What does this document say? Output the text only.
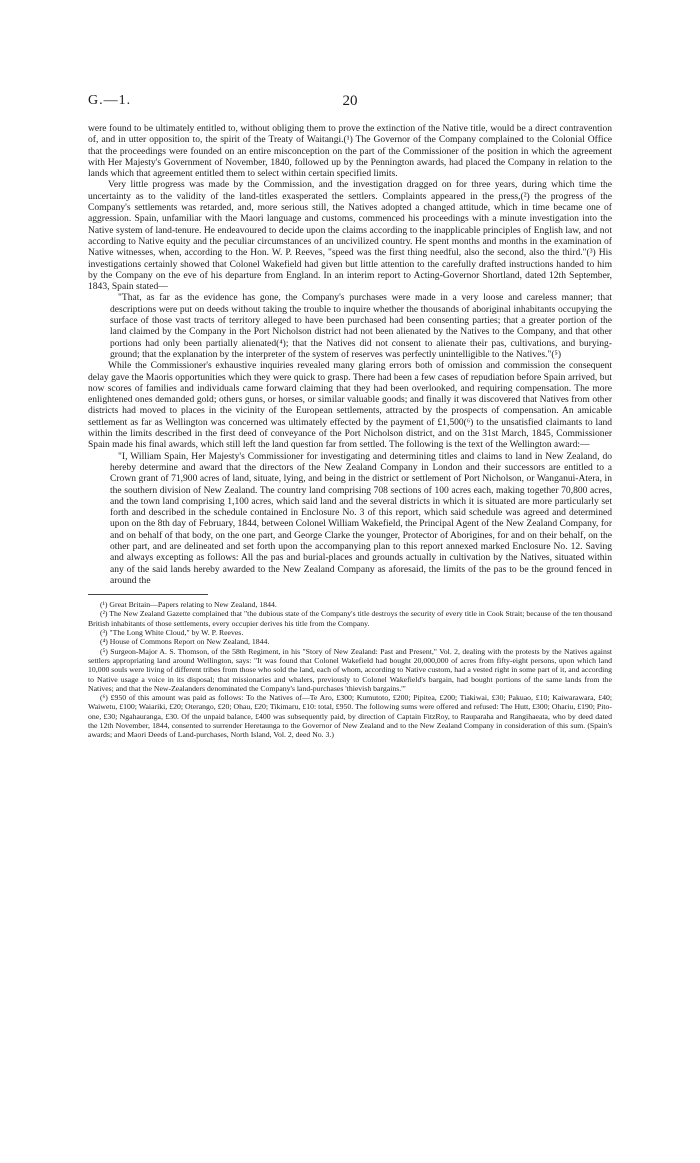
G.—1.	20

were found to be ultimately entitled to, without obliging them to prove the extinction of the Native title, would be a direct contravention of, and in utter opposition to, the spirit of the Treaty of Waitangi.(¹) The Governor of the Company complained to the Colonial Office that the proceedings were founded on an entire misconception on the part of the Commissioner of the position in which the agreement with Her Majesty's Government of November, 1840, followed up by the Pennington awards, had placed the Company in relation to the lands which that agreement entitled them to select within certain specified limits.

Very little progress was made by the Commission, and the investigation dragged on for three years, during which time the uncertainty as to the validity of the land-titles exasperated the settlers. Complaints appeared in the press,(²) the progress of the Company's settlements was retarded, and, more serious still, the Natives adopted a changed attitude, which in time became one of aggression. Spain, unfamiliar with the Maori language and customs, commenced his proceedings with a minute investigation into the Native system of land-tenure. He endeavoured to decide upon the claims according to the inapplicable principles of English law, and not according to Native equity and the peculiar circumstances of an uncivilized country. He spent months and months in the examination of Native witnesses, when, according to the Hon. W. P. Reeves, "speed was the first thing needful, also the second, also the third."(³) His investigations certainly showed that Colonel Wakefield had given but little attention to the carefully drafted instructions handed to him by the Company on the eve of his departure from England. In an interim report to Acting-Governor Shortland, dated 12th September, 1843, Spain stated—

"That, as far as the evidence has gone, the Company's purchases were made in a very loose and careless manner; that descriptions were put on deeds without taking the trouble to inquire whether the thousands of aboriginal inhabitants occupying the surface of those vast tracts of territory alleged to have been purchased had been consenting parties; that a greater portion of the land claimed by the Company in the Port Nicholson district had not been alienated by the Natives to the Company, and that other portions had only been partially alienated(⁴); that the Natives did not consent to alienate their pas, cultivations, and burying-ground; that the explanation by the interpreter of the system of reserves was perfectly unintelligible to the Natives."(⁵)

While the Commissioner's exhaustive inquiries revealed many glaring errors both of omission and commission the consequent delay gave the Maoris opportunities which they were quick to grasp. There had been a few cases of repudiation before Spain arrived, but now scores of families and individuals came forward claiming that they had been overlooked, and requiring compensation. The more enlightened ones demanded gold; others guns, or horses, or similar valuable goods; and finally it was discovered that Natives from other districts had moved to places in the vicinity of the European settlements, attracted by the prospects of compensation. An amicable settlement as far as Wellington was concerned was ultimately effected by the payment of £1,500(⁶) to the unsatisfied claimants to land within the limits described in the first deed of conveyance of the Port Nicholson district, and on the 31st March, 1845, Commissioner Spain made his final awards, which still left the land question far from settled. The following is the text of the Wellington award:—

"I, William Spain, Her Majesty's Commissioner for investigating and determining titles and claims to land in New Zealand, do hereby determine and award that the directors of the New Zealand Company in London and their successors are entitled to a Crown grant of 71,900 acres of land, situate, lying, and being in the district or settlement of Port Nicholson, or Wanganui-Atera, in the southern division of New Zealand. The country land comprising 708 sections of 100 acres each, making together 70,800 acres, and the town land comprising 1,100 acres, which said land and the several districts in which it is situated are more particularly set forth and described in the schedule contained in Enclosure No. 3 of this report, which said schedule was agreed and determined upon on the 8th day of February, 1844, between Colonel William Wakefield, the Principal Agent of the New Zealand Company, for and on behalf of that body, on the one part, and George Clarke the younger, Protector of Aborigines, for and on their behalf, on the other part, and are delineated and set forth upon the accompanying plan to this report annexed marked Enclosure No. 12. Saving and always excepting as follows: All the pas and burial-places and grounds actually in cultivation by the Natives, situated within any of the said lands hereby awarded to the New Zealand Company as aforesaid, the limits of the pas to be the ground fenced in around the

(¹) Great Britain—Papers relating to New Zealand, 1844.

(²) The New Zealand Gazette complained that "the dubious state of the Company's title destroys the security of every title in Cook Strait; because of the ten thousand British inhabitants of those settlements, every occupier derives his title from the Company.

(³) "The Long White Cloud," by W. P. Reeves.

(⁴) House of Commons Report on New Zealand, 1844.

(⁵) Surgeon-Major A. S. Thomson, of the 58th Regiment, in his "Story of New Zealand: Past and Present," Vol. 2, dealing with the protests by the Natives against settlers appropriating land around Wellington, says: "It was found that Colonel Wakefield had bought 20,000,000 of acres from fifty-eight persons, upon which land 10,000 souls were living of different tribes from those who sold the land, each of whom, according to Native custom, had a vested right in some part of it, and according to Native usage a voice in its disposal; that missionaries and whalers, previously to Colonel Wakefield's bargain, had bought portions of the same lands from the Natives; and that the New-Zealanders denominated the Company's land-purchases 'thievish bargains.'"

(⁶) £950 of this amount was paid as follows: To the Natives of—Te Aro, £300; Kumutoto, £200; Pipitea, £200; Tiakiwai, £30; Pakuao, £10; Kaiwarawara, £40; Waiwetu, £100; Waiariki, £20; Oterango, £20; Ohau, £20; Tikimaru, £10: total, £950. The following sums were offered and refused: The Hutt, £300; Ohariu, £190; Pito-one, £30; Ngahauranga, £30. Of the unpaid balance, £400 was subsequently paid, by direction of Captain FitzRoy, to Rauparaha and Rangihaeata, who by deed dated the 12th November, 1844, consented to surrender Heretaunga to the Governor of New Zealand and to the New Zealand Company in consideration of this sum. (Spain's awards; and Maori Deeds of Land-purchases, North Island, Vol. 2, deed No. 3.)
